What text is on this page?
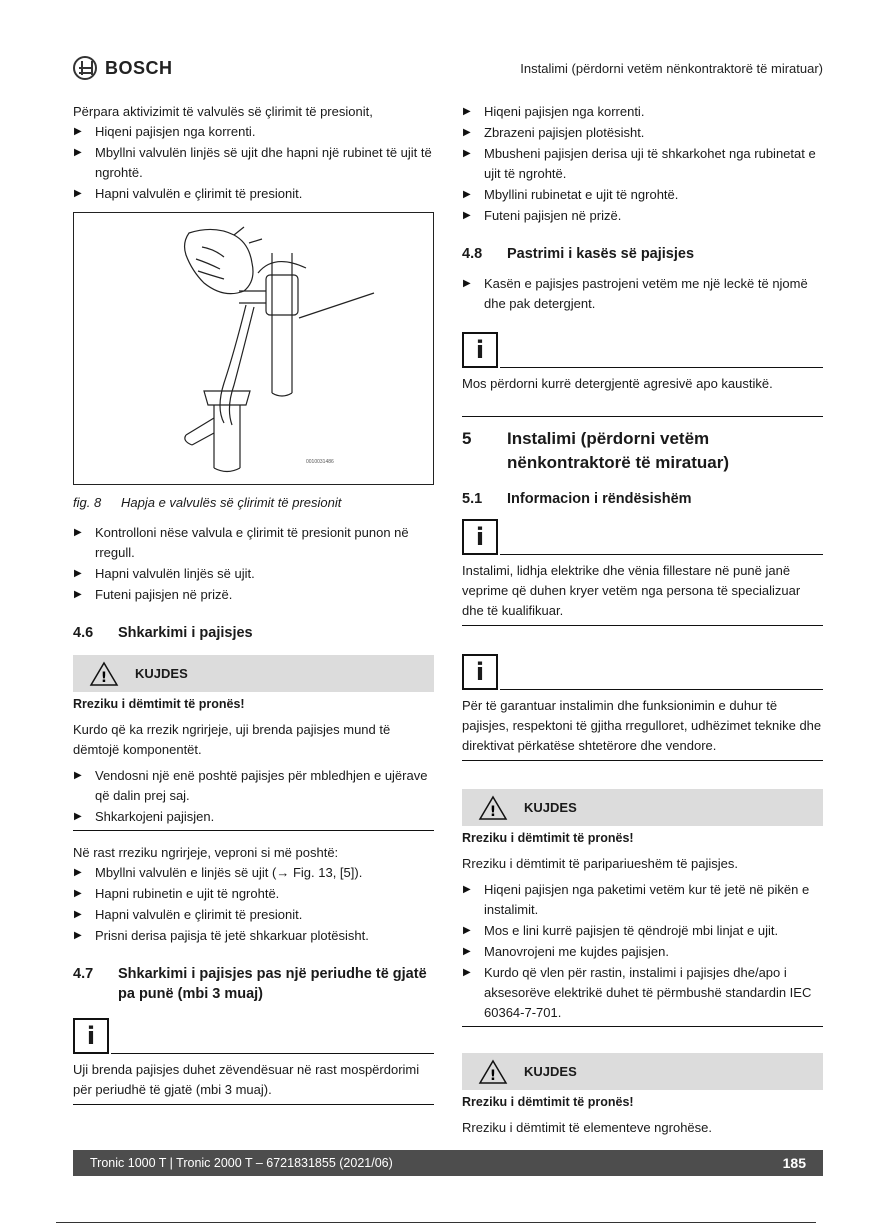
BOSCH	Instalimi (përdorni vetëm nënkontraktorë të miratuar)

Përpara aktivizimit të valvulës së çlirimit të presionit,

▶ Hiqeni pajisjen nga korrenti.
▶ Mbyllni valvulën linjës së ujit dhe hapni një rubinet të ujit të ngrohtë.
▶ Hapni valvulën e çlirimit të presionit.
0010031486
fig. 8	Hapja e valvulës së çlirimit të presionit
▶ Kontrolloni nëse valvula e çlirimit të presionit punon në rregull.
▶ Hapni valvulën linjës së ujit.
▶ Futeni pajisjen në prizë.
4.6	Shkarkimi i pajisjes
! KUJDES
Rreziku i dëmtimit të pronës!

Kurdo që ka rrezik ngrirjeje, uji brenda pajisjes mund të dëmtojë komponentët.

▶ Vendosni një enë poshtë pajisjes për mbledhjen e ujërave që dalin prej saj.
▶ Shkarkojeni pajisjen.

Në rast rreziku ngrirjeje, veproni si më poshtë:

▶ Mbyllni valvulën e linjës së ujit (→ Fig. 13, [5]).
▶ Hapni rubinetin e ujit të ngrohtë.
▶ Hapni valvulën e çlirimit të presionit.
▶ Prisni derisa pajisja të jetë shkarkuar plotësisht.
4.7	Shkarkimi i pajisjes pas një periudhe të gjatë pa punë (mbi 3 muaj)
i

Uji brenda pajisjes duhet zëvendësuar në rast mospërdorimi për periudhë të gjatë (mbi 3 muaj).

▶ Hiqeni pajisjen nga korrenti.
▶ Zbrazeni pajisjen plotësisht.
▶ Mbusheni pajisjen derisa uji të shkarkohet nga rubinetat e ujit të ngrohtë.
▶ Mbyllini rubinetat e ujit të ngrohtë.
▶ Futeni pajisjen në prizë.
4.8	Pastrimi i kasës së pajisjes
▶ Kasën e pajisjes pastrojeni vetëm me një leckë të njomë dhe pak detergjent.
i

Mos përdorni kurrë detergjentë agresivë apo kaustikë.

5	Instalimi (përdorni vetëm nënkontraktorë të miratuar)
5.1	Informacion i rëndësishëm
i

Instalimi, lidhja elektrike dhe vënia fillestare në punë janë veprime që duhen kryer vetëm nga persona të specializuar dhe të kualifikuar.

i

Për të garantuar instalimin dhe funksionimin e duhur të pajisjes, respektoni të gjitha rregulloret, udhëzimet teknike dhe direktivat përkatëse shtetërore dhe vendore.

! KUJDES
Rreziku i dëmtimit të pronës!

Rreziku i dëmtimit të paripariueshëm të pajisjes.

▶ Hiqeni pajisjen nga paketimi vetëm kur të jetë në pikën e instalimit.
▶ Mos e lini kurrë pajisjen të qëndrojë mbi linjat e ujit.
▶ Manovrojeni me kujdes pajisjen.
▶ Kurdo që vlen për rastin, instalimi i pajisjes dhe/apo i aksesorëve elektrikë duhet të përmbushë standardin IEC 60364-7-701.
! KUJDES
Rreziku i dëmtimit të pronës!

Rreziku i dëmtimit të elementeve ngrohëse.

Tronic 1000 T | Tronic 2000 T – 6721831855 (2021/06)	185
